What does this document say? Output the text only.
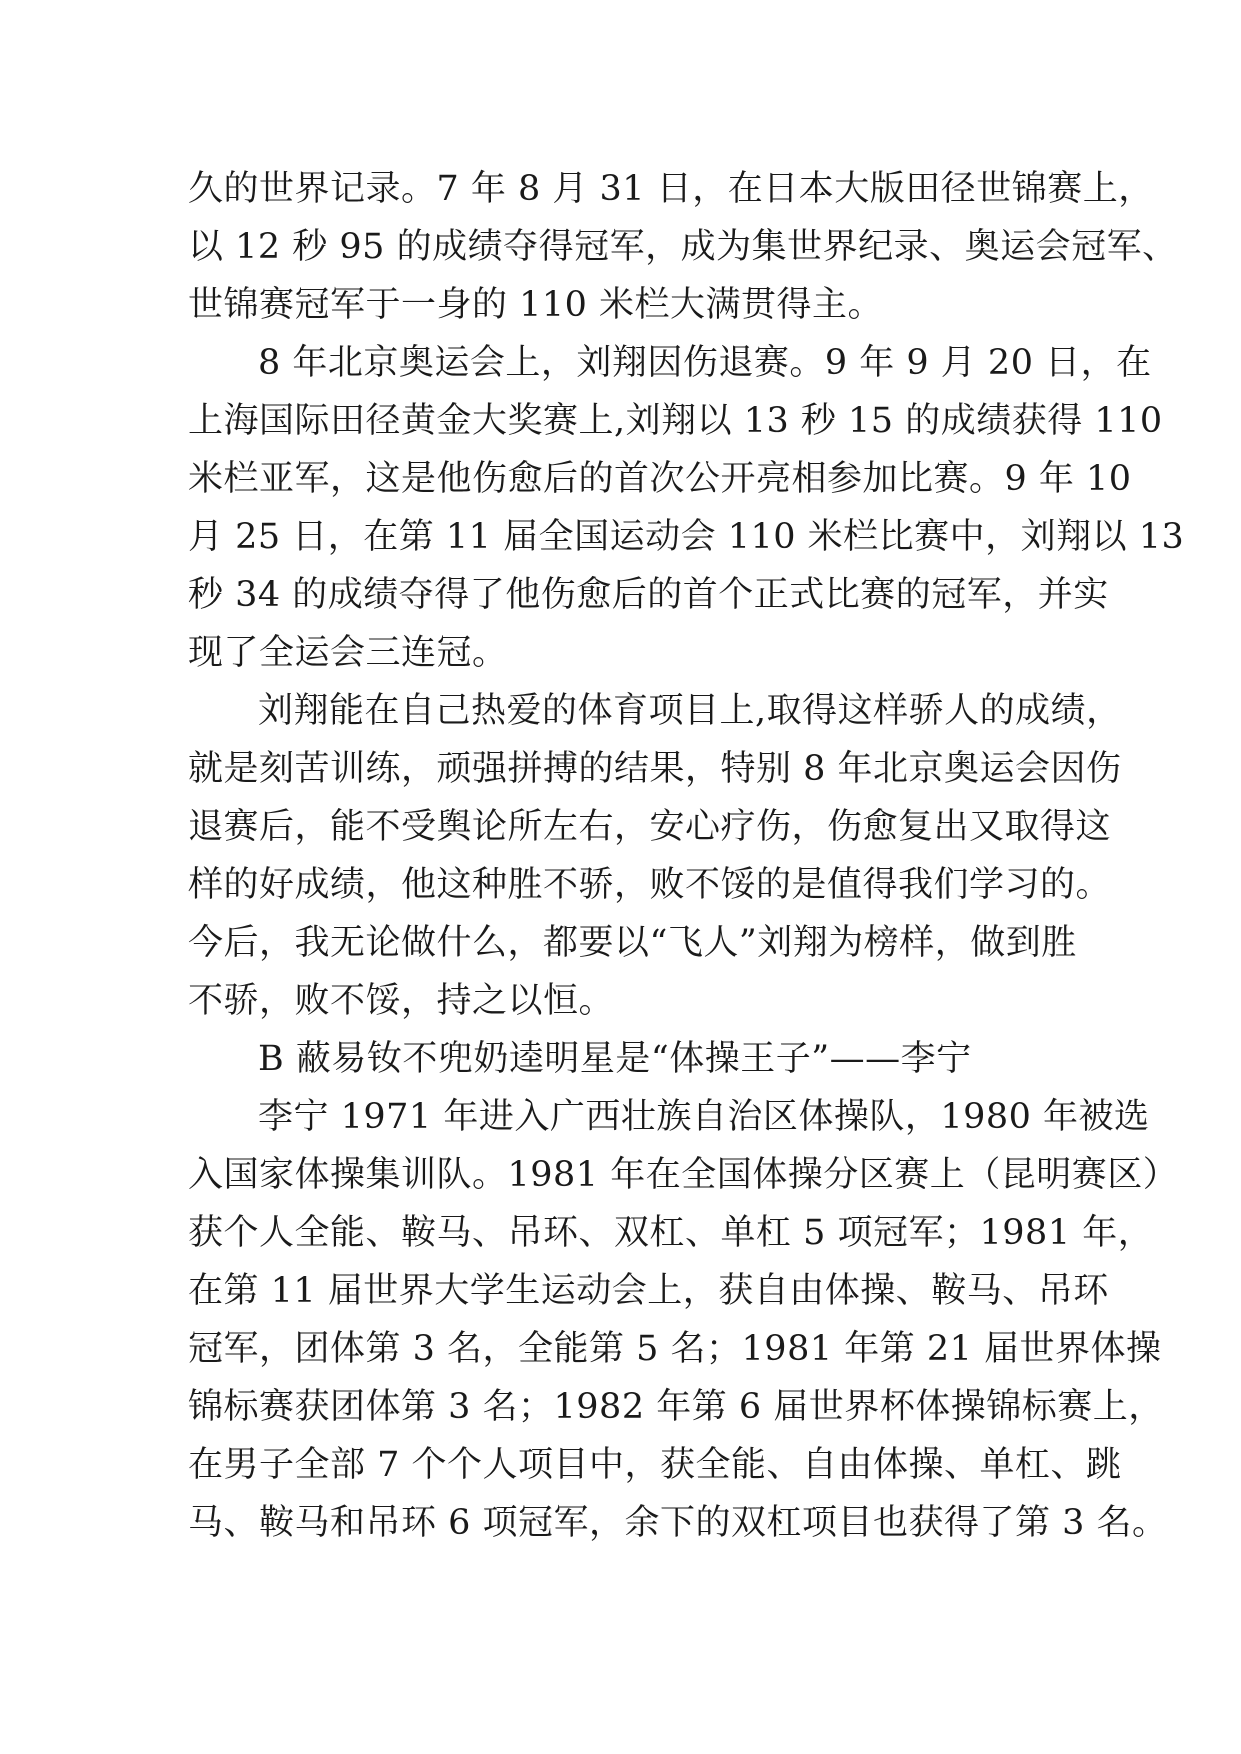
久的世界记录。7 年 8 月 31 日，在日本大版田径世锦赛上，
以 12 秒 95 的成绩夺得冠军，成为集世界纪录、奥运会冠军、
世锦赛冠军于一身的 110 米栏大满贯得主。
8 年北京奥运会上，刘翔因伤退赛。9 年 9 月 20 日，在
上海国际田径黄金大奖赛上,刘翔以 13 秒 15 的成绩获得 110
米栏亚军，这是他伤愈后的首次公开亮相参加比赛。9 年 10
月 25 日，在第 11 届全国运动会 110 米栏比赛中，刘翔以 13
秒 34 的成绩夺得了他伤愈后的首个正式比赛的冠军，并实
现了全运会三连冠。
刘翔能在自己热爱的体育项目上,取得这样骄人的成绩，
就是刻苦训练，顽强拼搏的结果，特别 8 年北京奥运会因伤
退赛后，能不受舆论所左右，安心疗伤，伤愈复出又取得这
样的好成绩，他这种胜不骄，败不馁的是值得我们学习的。
今后，我无论做什么，都要以“飞人”刘翔为榜样，做到胜
不骄，败不馁，持之以恒。
B 蔽易钕不兜奶逵明星是“体操王子”——李宁
李宁 1971 年进入广西壮族自治区体操队，1980 年被选
入国家体操集训队。1981 年在全国体操分区赛上（昆明赛区）
获个人全能、鞍马、吊环、双杠、单杠 5 项冠军；1981 年，
在第 11 届世界大学生运动会上，获自由体操、鞍马、吊环
冠军，团体第 3 名，全能第 5 名；1981 年第 21 届世界体操
锦标赛获团体第 3 名；1982 年第 6 届世界杯体操锦标赛上，
在男子全部 7 个个人项目中，获全能、自由体操、单杠、跳
马、鞍马和吊环 6 项冠军，余下的双杠项目也获得了第 3 名。
